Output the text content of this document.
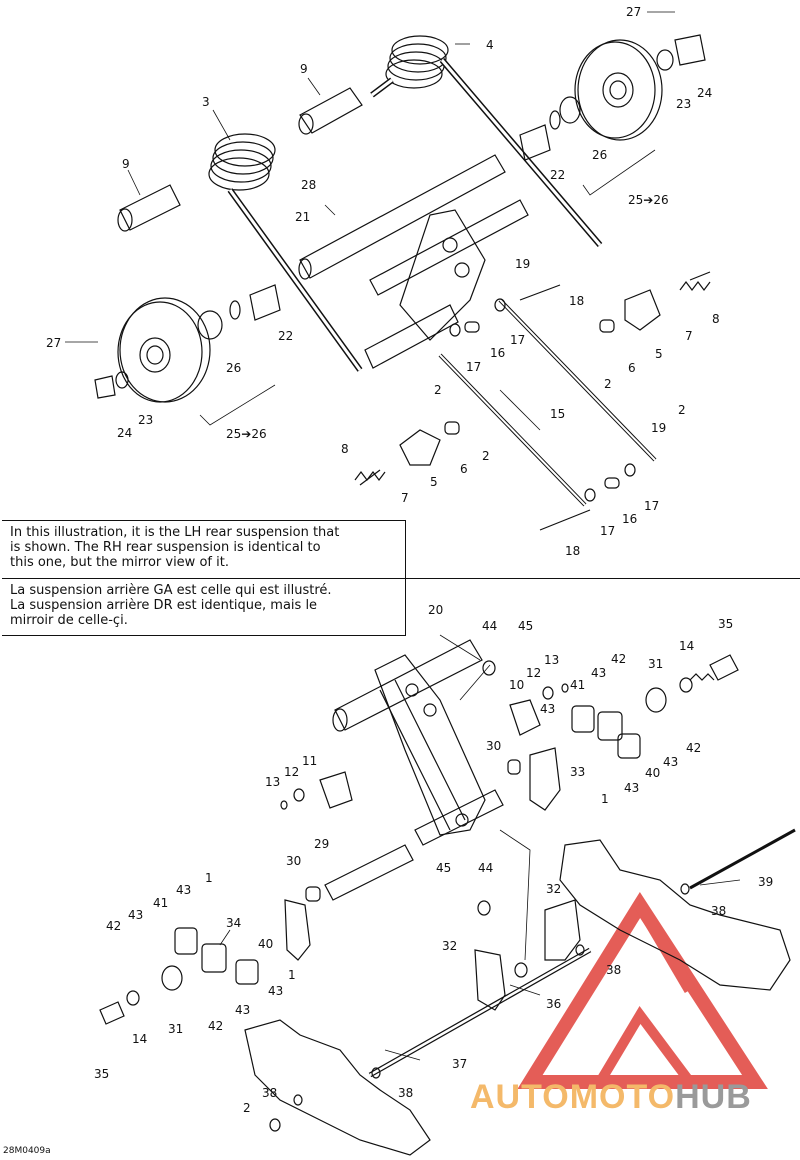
27
4
9
3
9
24
23
26
22
25➔26
28
21
19
18
8
7
5
6
2
17
16
17
2
22
27
26
23
24	25➔26
15	2
19
8
7
5
6
2
17
16
17
18
20
44 45
13
12
10
43
41
43
42 31
14
35
11
12
13
30
33
1
43
40
43
42
29
30	45 44
32	39
38
1
43
41
43
34
42
40	32
38
1
43
43
42
36
14
31
37
35
38
2
38

In this illustration, it is the LH rear suspension that

is shown. The RH rear suspension is identical to

this one, but the mirror view of it.

La suspension arrière GA est celle qui est illustré.

La suspension arrière DR est identique, mais le

mirroir de celle-çi.

28M0409a
AUTOMOTOHUB
